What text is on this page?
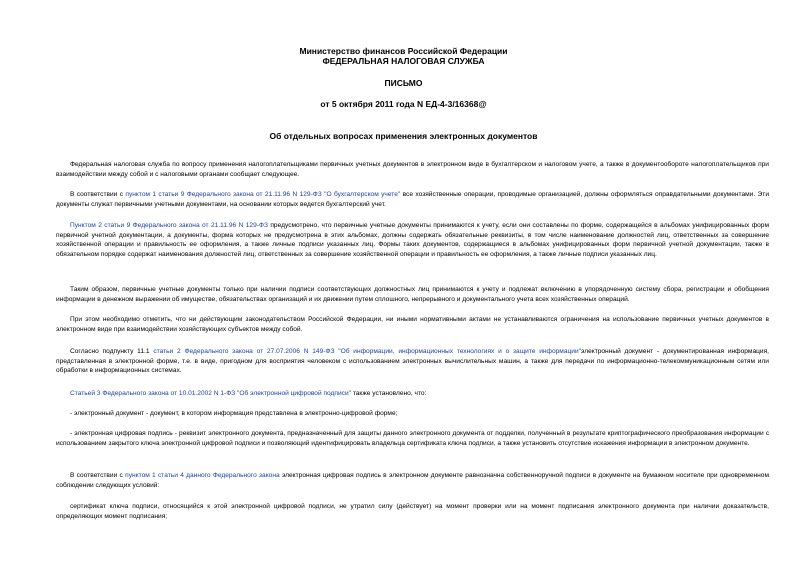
Министерство финансов Российской Федерации
ФЕДЕРАЛЬНАЯ НАЛОГОВАЯ СЛУЖБА
ПИСЬМО
от 5 октября 2011 года N ЕД-4-3/16368@
Об отдельных вопросах применения электронных документов
Федеральная налоговая служба по вопросу применения налогоплательщиками первичных учетных документов в электронном виде в бухгалтерском и налоговом учете, а также в документообороте налогоплательщиков при взаимодействии между собой и с налоговыми органами сообщает следующее.
В соответствии с пунктом 1 статьи 9 Федерального закона от 21.11.96 N 129-ФЗ "О бухгалтерском учете" все хозяйственные операции, проводимые организацией, должны оформляться оправдательными документами. Эти документы служат первичными учетными документами, на основании которых ведется бухгалтерский учет.
Пунктом 2 статьи 9 Федерального закона от 21.11.96 N 129-ФЗ предусмотрено, что первичные учетные документы принимаются к учету, если они составлены по форме, содержащейся в альбомах унифицированных форм первичной учетной документации, а документы, форма которых не предусмотрена в этих альбомах, должны содержать обязательные реквизиты, в том числе наименование должностей лиц, ответственных за совершение хозяйственной операции и правильность ее оформления, а также личные подписи указанных лиц. Формы таких документов, содержащиеся в альбомах унифицированных форм первичной учетной документации, также в обязательном порядке содержат наименования должностей лиц, ответственных за совершение хозяйственной операции и правильность ее оформления, а также личные подписи указанных лиц.
Таким образом, первичные учетные документы только при наличии подписи соответствующих должностных лиц принимаются к учету и подлежат включению в упорядоченную систему сбора, регистрации и обобщения информации в денежном выражении об имуществе, обязательствах организаций и их движении путем сплошного, непрерывного и документального учета всех хозяйственных операций.
При этом необходимо отметить, что ни действующим законодательством Российской Федерации, ни иными нормативными актами не устанавливаются ограничения на использование первичных учетных документов в электронном виде при взаимодействии хозяйствующих субъектов между собой.
Согласно подпункту 11.1 статьи 2 Федерального закона от 27.07.2006 N 149-ФЗ "Об информации, информационных технологиях и о защите информации"электронный документ - документированная информация, представленная в электронной форме, т.е. в виде, пригодном для восприятия человеком с использованием электронных вычислительных машин, а также для передачи по информационно-телекоммуникационным сетям или обработки в информационных системах.
Статьей 3 Федерального закона от 10.01.2002 N 1-ФЗ "Об электронной цифровой подписи" также установлено, что:
- электронный документ - документ, в котором информация представлена в электронно-цифровой форме;
- электронная цифровая подпись - реквизит электронного документа, предназначенный для защиты данного электронного документа от подделки, полученный в результате криптографического преобразования информации с использованием закрытого ключа электронной цифровой подписи и позволяющий идентифицировать владельца сертификата ключа подписи, а также установить отсутствие искажения информации в электронном документе.
В соответствии с пунктом 1 статьи 4 данного Федерального закона электронная цифровая подпись в электронном документе равнозначна собственноручной подписи в документе на бумажном носителе при одновременном соблюдении следующих условий:
сертификат ключа подписи, относящийся к этой электронной цифровой подписи, не утратил силу (действует) на момент проверки или на момент подписания электронного документа при наличии доказательств, определяющих момент подписания;
